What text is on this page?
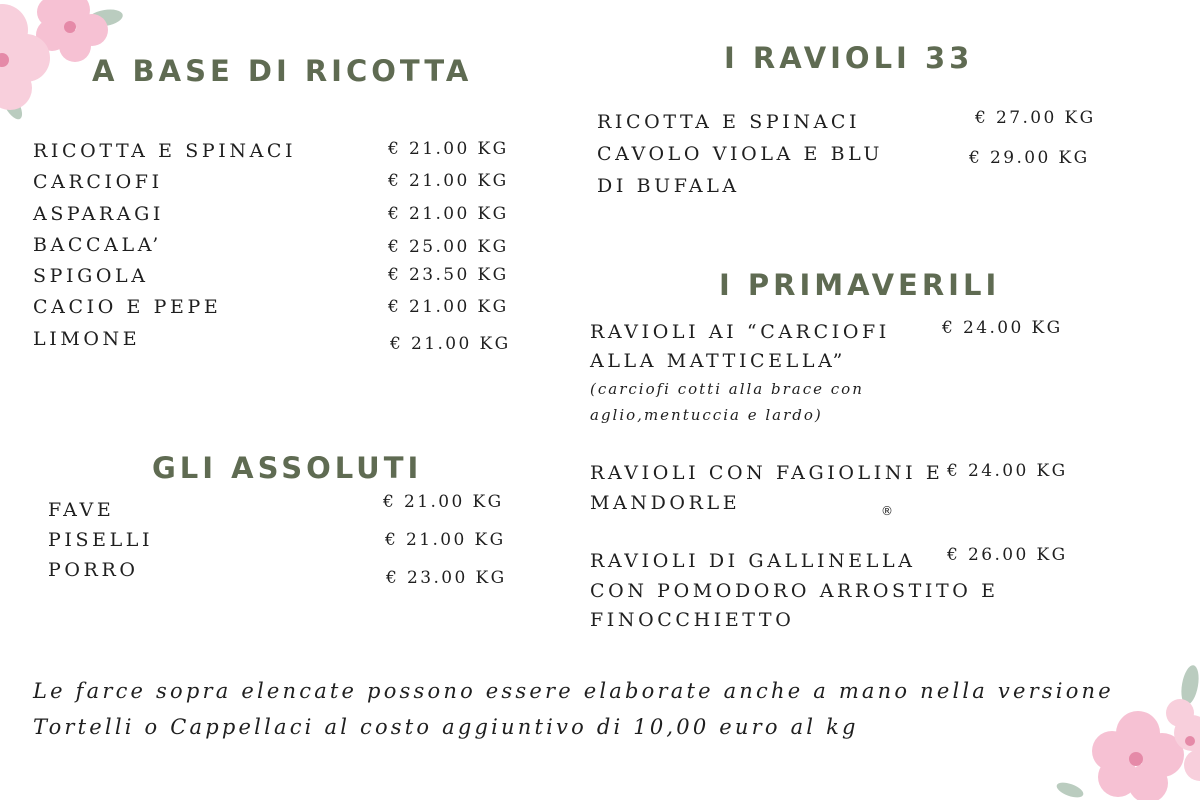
A BASE DI RICOTTA
RICOTTA E SPINACI	€ 21.00 KG
CARCIOFI	€ 21.00 KG
ASPARAGI	€ 21.00 KG
BACCALA’	€ 25.00 KG
SPIGOLA	€ 23.50 KG
CACIO E PEPE	€ 21.00 KG
LIMONE	€ 21.00 KG
GLI ASSOLUTI
FAVE	€ 21.00 KG
PISELLI	€ 21.00 KG
PORRO	€ 23.00 KG
I RAVIOLI 33
RICOTTA E SPINACI	€ 27.00 KG
CAVOLO VIOLA E BLU
DI BUFALA
€ 29.00 KG
I PRIMAVERILI
RAVIOLI AI “CARCIOFI
ALLA MATTICELLA”
(carciofi cotti alla brace con
aglio,mentuccia e lardo)
€ 24.00 KG
RAVIOLI CON FAGIOLINI E
MANDORLE	®
€ 24.00 KG
RAVIOLI DI GALLINELLA
CON POMODORO ARROSTITO E
FINOCCHIETTO
€ 26.00 KG
Le farce sopra elencate possono essere elaborate anche a mano nella versione
Tortelli o Cappellaci al costo aggiuntivo di 10,00 euro al kg
